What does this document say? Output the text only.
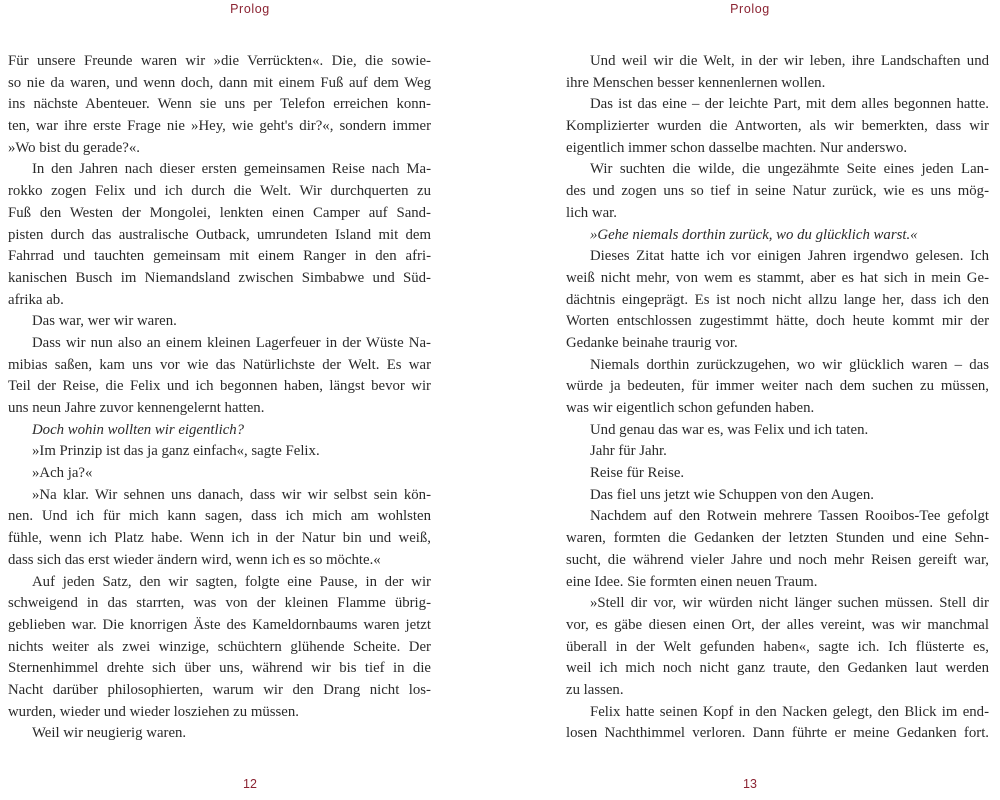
Prolog
Für unsere Freunde waren wir »die Verrückten«. Die, die sowie-
so nie da waren, und wenn doch, dann mit einem Fuß auf dem Weg
ins nächste Abenteuer. Wenn sie uns per Telefon erreichen konn-
ten, war ihre erste Frage nie »Hey, wie geht's dir?«, sondern immer
»Wo bist du gerade?«.
In den Jahren nach dieser ersten gemeinsamen Reise nach Ma-
rokko zogen Felix und ich durch die Welt. Wir durchquerten zu
Fuß den Westen der Mongolei, lenkten einen Camper auf Sand-
pisten durch das australische Outback, umrundeten Island mit dem
Fahrrad und tauchten gemeinsam mit einem Ranger in den afri-
kanischen Busch im Niemandsland zwischen Simbabwe und Süd-
afrika ab.
Das war, wer wir waren.
Dass wir nun also an einem kleinen Lagerfeuer in der Wüste Na-
mibias saßen, kam uns vor wie das Natürlichste der Welt. Es war
Teil der Reise, die Felix und ich begonnen haben, längst bevor wir
uns neun Jahre zuvor kennengelernt hatten.
Doch wohin wollten wir eigentlich?
»Im Prinzip ist das ja ganz einfach«, sagte Felix.
»Ach ja?«
»Na klar. Wir sehnen uns danach, dass wir wir selbst sein kön-
nen. Und ich für mich kann sagen, dass ich mich am wohlsten
fühle, wenn ich Platz habe. Wenn ich in der Natur bin und weiß,
dass sich das erst wieder ändern wird, wenn ich es so möchte.«
Auf jeden Satz, den wir sagten, folgte eine Pause, in der wir
schweigend in das starrten, was von der kleinen Flamme übrig-
geblieben war. Die knorrigen Äste des Kameldornbaums waren jetzt
nichts weiter als zwei winzige, schüchtern glühende Scheite. Der
Sternenhimmel drehte sich über uns, während wir bis tief in die
Nacht darüber philosophierten, warum wir den Drang nicht los-
wurden, wieder und wieder losziehen zu müssen.
Weil wir neugierig waren.
12
Prolog
Und weil wir die Welt, in der wir leben, ihre Landschaften und
ihre Menschen besser kennenlernen wollen.
Das ist das eine – der leichte Part, mit dem alles begonnen hatte.
Komplizierter wurden die Antworten, als wir bemerkten, dass wir
eigentlich immer schon dasselbe machten. Nur anderswo.
Wir suchten die wilde, die ungezähmte Seite eines jeden Lan-
des und zogen uns so tief in seine Natur zurück, wie es uns mög-
lich war.
»Gehe niemals dorthin zurück, wo du glücklich warst.«
Dieses Zitat hatte ich vor einigen Jahren irgendwo gelesen. Ich
weiß nicht mehr, von wem es stammt, aber es hat sich in mein Ge-
dächtnis eingeprägt. Es ist noch nicht allzu lange her, dass ich den
Worten entschlossen zugestimmt hätte, doch heute kommt mir der
Gedanke beinahe traurig vor.
Niemals dorthin zurückzugehen, wo wir glücklich waren – das
würde ja bedeuten, für immer weiter nach dem suchen zu müssen,
was wir eigentlich schon gefunden haben.
Und genau das war es, was Felix und ich taten.
Jahr für Jahr.
Reise für Reise.
Das fiel uns jetzt wie Schuppen von den Augen.
Nachdem auf den Rotwein mehrere Tassen Rooibos-Tee gefolgt
waren, formten die Gedanken der letzten Stunden und eine Sehn-
sucht, die während vieler Jahre und noch mehr Reisen gereift war,
eine Idee. Sie formten einen neuen Traum.
»Stell dir vor, wir würden nicht länger suchen müssen. Stell dir
vor, es gäbe diesen einen Ort, der alles vereint, was wir manchmal
überall in der Welt gefunden haben«, sagte ich. Ich flüsterte es,
weil ich mich noch nicht ganz traute, den Gedanken laut werden
zu lassen.
Felix hatte seinen Kopf in den Nacken gelegt, den Blick im end-
losen Nachthimmel verloren. Dann führte er meine Gedanken fort.
13
